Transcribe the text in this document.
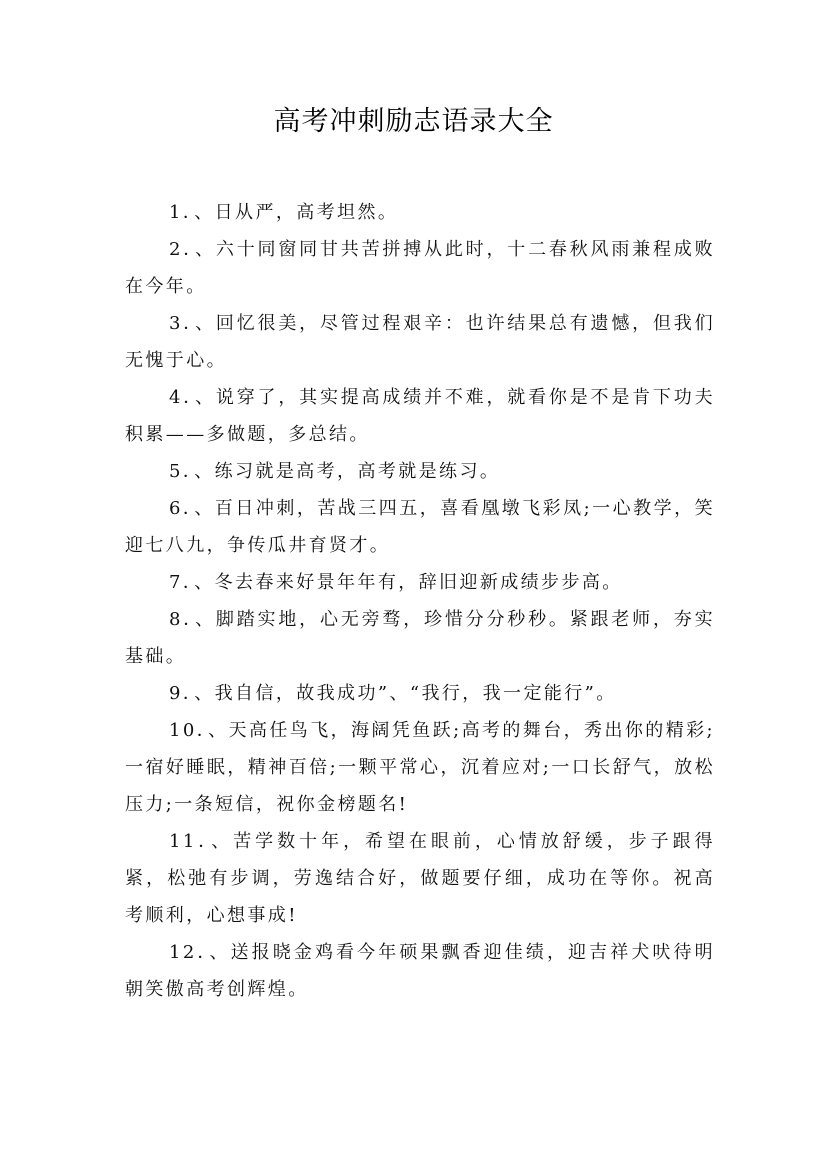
高考冲刺励志语录大全

1．、日从严，高考坦然。

2．、六十同窗同甘共苦拼搏从此时，十二春秋风雨兼程成败在今年。

3．、回忆很美，尽管过程艰辛：也许结果总有遗憾，但我们无愧于心。

4．、说穿了，其实提高成绩并不难，就看你是不是肯下功夫积累——多做题，多总结。

5．、练习就是高考，高考就是练习。

6．、百日冲刺，苦战三四五，喜看凰墩飞彩凤;一心教学，笑迎七八九，争传瓜井育贤才。

7．、冬去春来好景年年有，辞旧迎新成绩步步高。

8．、脚踏实地，心无旁骛，珍惜分分秒秒。紧跟老师，夯实基础。

9．、我自信，故我成功”、“我行，我一定能行”。

10．、天高任鸟飞，海阔凭鱼跃;高考的舞台，秀出你的精彩;一宿好睡眠，精神百倍;一颗平常心，沉着应对;一口长舒气，放松压力;一条短信，祝你金榜题名!

11．、苦学数十年，希望在眼前，心情放舒缓，步子跟得紧，松弛有步调，劳逸结合好，做题要仔细，成功在等你。祝高考顺利，心想事成!

12．、送报晓金鸡看今年硕果飘香迎佳绩，迎吉祥犬吠待明朝笑傲高考创辉煌。
